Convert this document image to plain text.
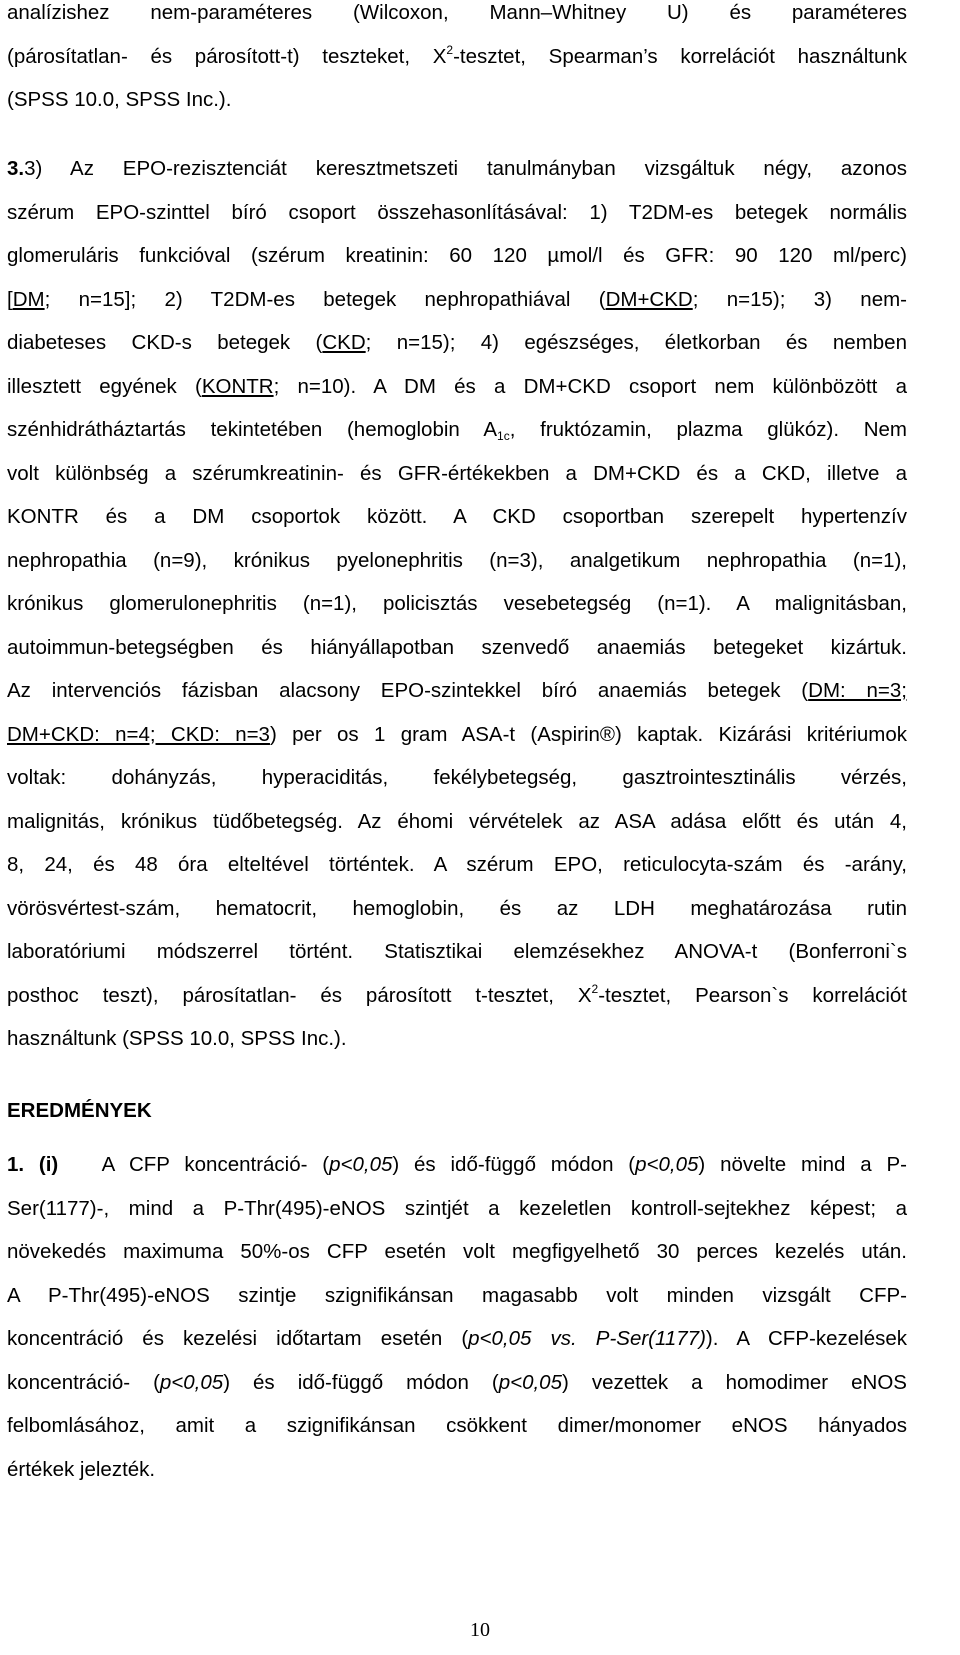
analízishez nem-paraméteres (Wilcoxon, Mann–Whitney U) és paraméteres
(párosítatlan- és párosított-t) teszteket, $X^2$-tesztet, Spearman’s korrelációt használtunk
(SPSS 10.0, SPSS Inc.).
3.3) Az EPO-rezisztenciát keresztmetszeti tanulmányban vizsgáltuk négy, azonos
szérum EPO-szinttel bíró csoport összehasonlításával: 1) T2DM-es betegek normális
glomeruláris funkcióval (szérum kreatinin: 60 120 µmol/l és GFR: 90 120 ml/perc)
[DM; n=15]; 2) T2DM-es betegek nephropathiával (DM+CKD; n=15); 3) nem-
diabeteses CKD-s betegek (CKD; n=15); 4) egészséges, életkorban és nemben
illesztett egyének (KONTR; n=10). A DM és a DM+CKD csoport nem különbözött a
szénhidrátháztartás tekintetében (hemoglobin $A_{1c}$, fruktózamin, plazma glükóz). Nem
volt különbség a szérumkreatinin- és GFR-értékekben a DM+CKD és a CKD, illetve a
KONTR és a DM csoportok között. A CKD csoportban szerepelt hypertenzív
nephropathia (n=9), krónikus pyelonephritis (n=3), analgetikum nephropathia (n=1),
krónikus glomerulonephritis (n=1), policisztás vesebetegség (n=1). A malignitásban,
autoimmun-betegségben és hiányállapotban szenvedő anaemiás betegeket kizártuk.
Az intervenciós fázisban alacsony EPO-szintekkel bíró anaemiás betegek (DM: n=3;
DM+CKD: n=4; CKD: n=3) per os 1 gram ASA-t (Aspirin®) kaptak. Kizárási kritériumok
voltak: dohányzás, hyperaciditás, fekélybetegség, gasztrointesztinális vérzés,
malignitás, krónikus tüdőbetegség. Az éhomi vérvételek az ASA adása előtt és után 4,
8, 24, és 48 óra elteltével történtek. A szérum EPO, reticulocyta-szám és -arány,
vörösvértest-szám, hematocrit, hemoglobin, és az LDH meghatározása rutin
laboratóriumi módszerrel történt. Statisztikai elemzésekhez ANOVA-t (Bonferroni`s
posthoc teszt), párosítatlan- és párosított t-tesztet, $X^2$-tesztet, Pearson`s korrelációt
használtunk (SPSS 10.0, SPSS Inc.).
EREDMÉNYEK
1. (i)   A CFP koncentráció- (p<0,05) és idő-függő módon (p<0,05) növelte mind a P-
Ser(1177)-, mind a P-Thr(495)-eNOS szintjét a kezeletlen kontroll-sejtekhez képest; a
növekedés maximuma 50%-os CFP esetén volt megfigyelhető 30 perces kezelés után.
A P-Thr(495)-eNOS szintje szignifikánsan magasabb volt minden vizsgált CFP-
koncentráció és kezelési időtartam esetén (p<0,05 vs. P-Ser(1177)). A CFP-kezelések
koncentráció- (p<0,05) és idő-függő módon (p<0,05) vezettek a homodimer eNOS
felbomlásához, amit a szignifikánsan csökkent dimer/monomer eNOS hányados
értékek jelezték.
10
